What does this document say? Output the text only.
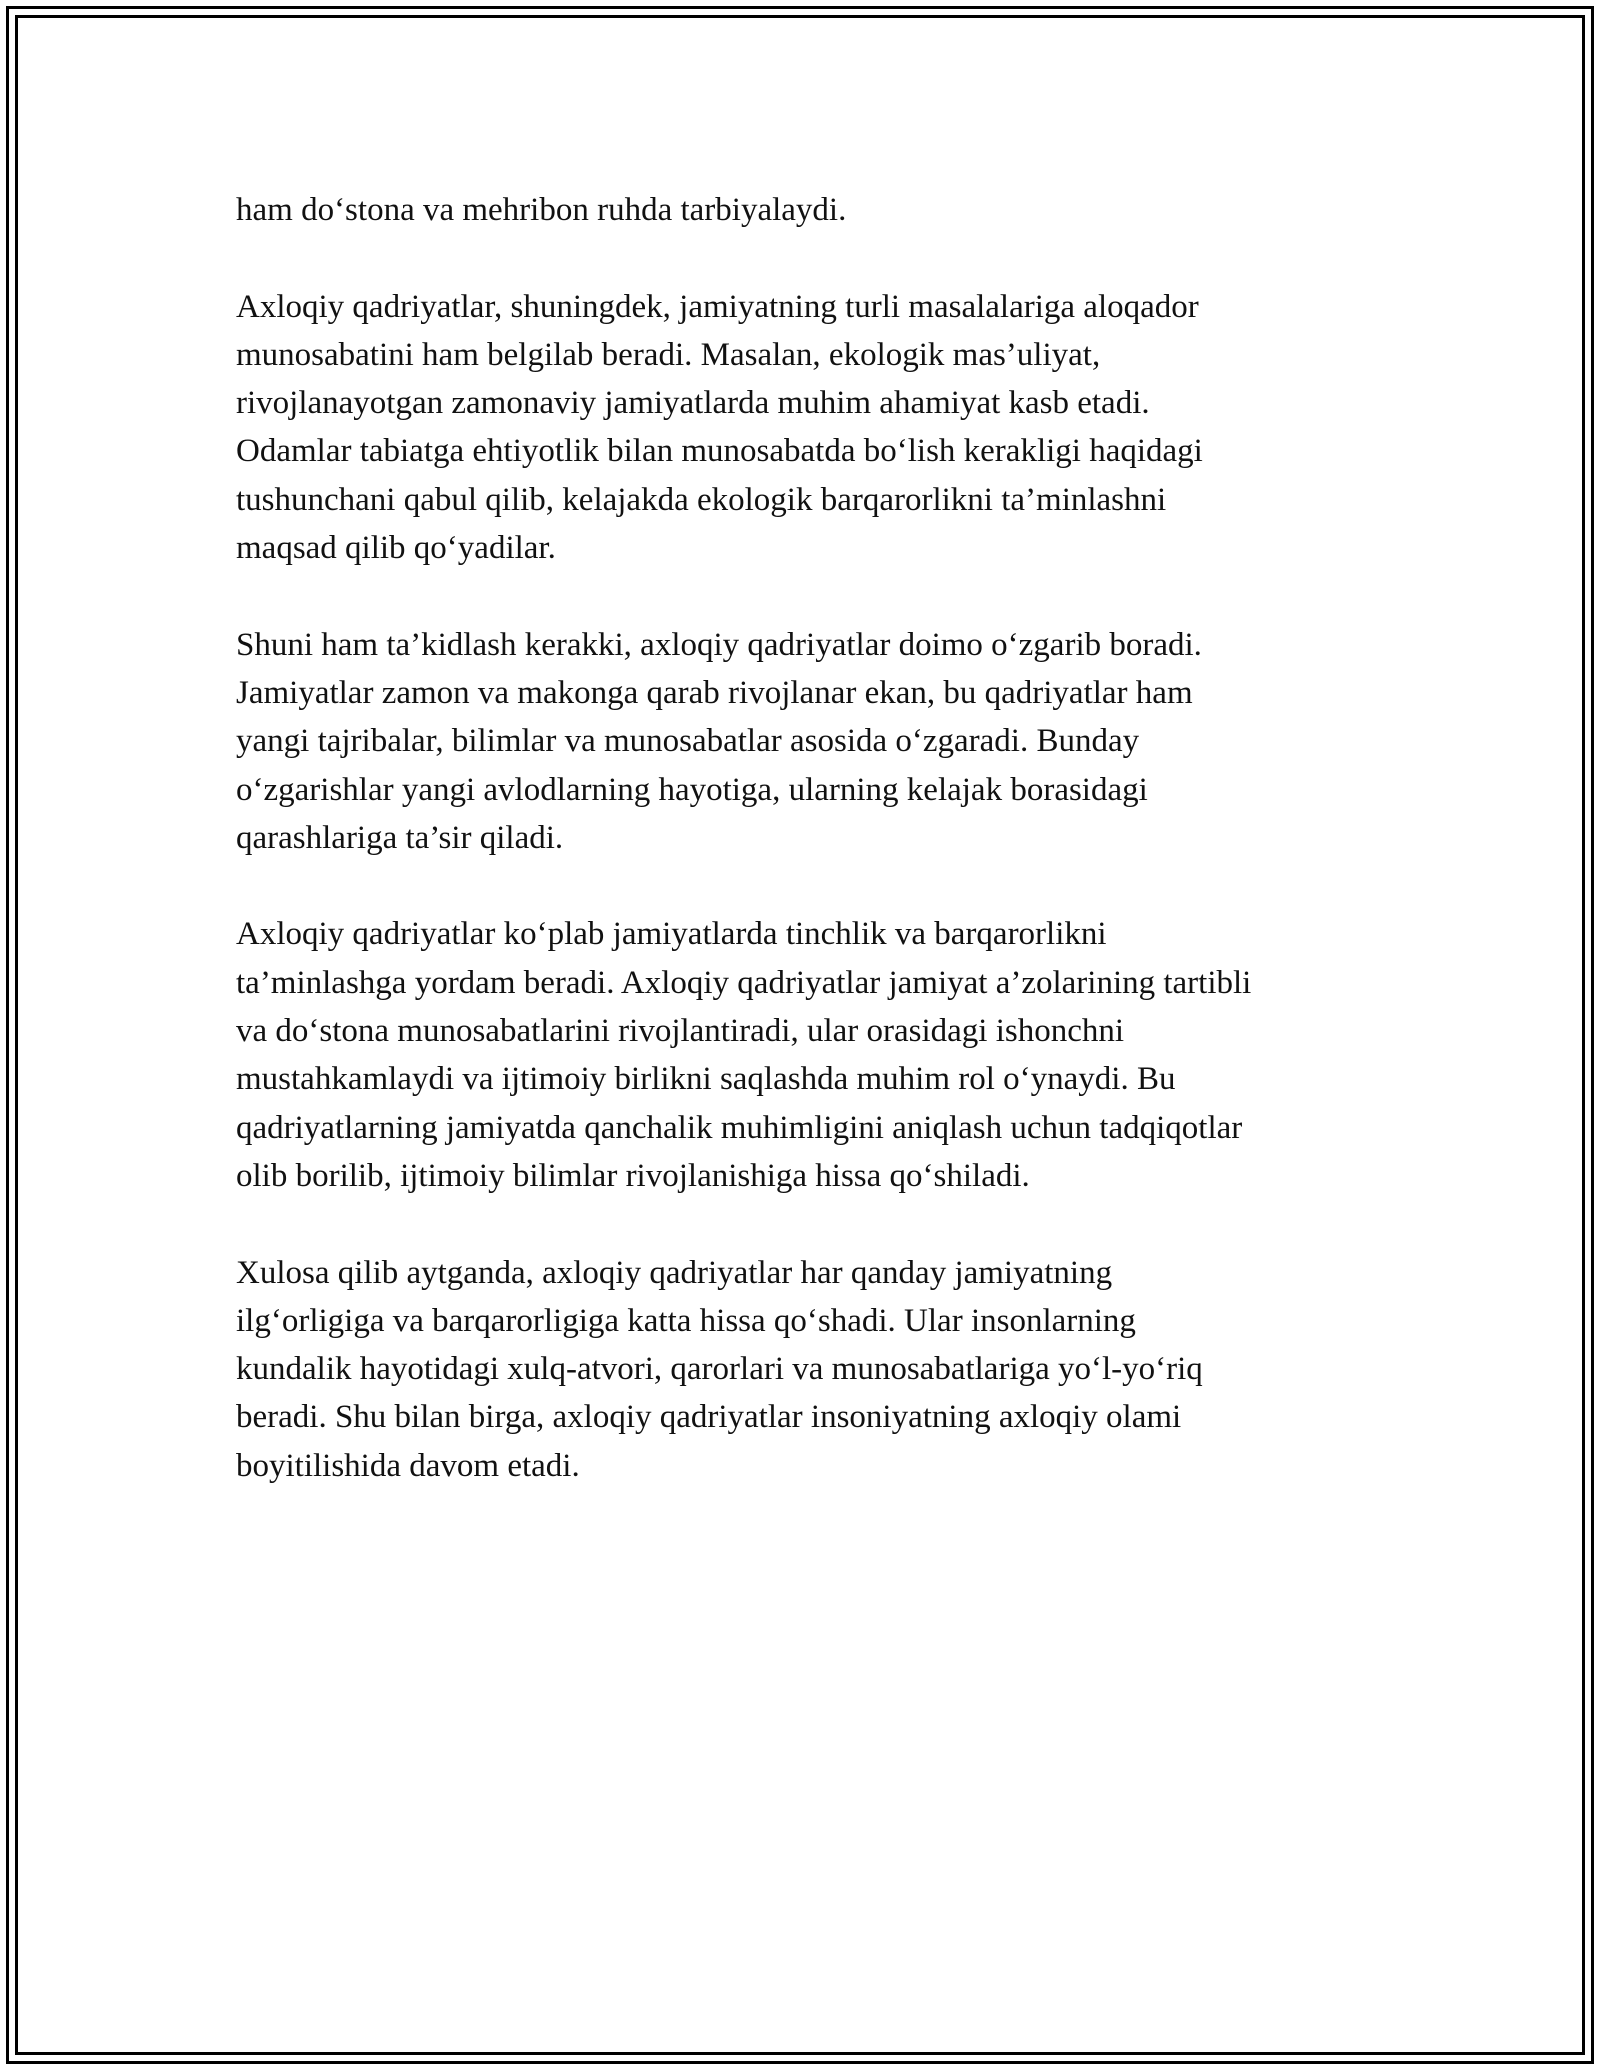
ham do‘stona va mehribon ruhda tarbiyalaydi.

Axloqiy qadriyatlar, shuningdek, jamiyatning turli masalalariga aloqador
munosabatini ham belgilab beradi. Masalan, ekologik mas’uliyat,
rivojlanayotgan zamonaviy jamiyatlarda muhim ahamiyat kasb etadi.
Odamlar tabiatga ehtiyotlik bilan munosabatda bo‘lish kerakligi haqidagi
tushunchani qabul qilib, kelajakda ekologik barqarorlikni ta’minlashni
maqsad qilib qo‘yadilar.

Shuni ham ta’kidlash kerakki, axloqiy qadriyatlar doimo o‘zgarib boradi.
Jamiyatlar zamon va makonga qarab rivojlanar ekan, bu qadriyatlar ham
yangi tajribalar, bilimlar va munosabatlar asosida o‘zgaradi. Bunday
o‘zgarishlar yangi avlodlarning hayotiga, ularning kelajak borasidagi
qarashlariga ta’sir qiladi.

Axloqiy qadriyatlar ko‘plab jamiyatlarda tinchlik va barqarorlikni
ta’minlashga yordam beradi. Axloqiy qadriyatlar jamiyat a’zolarining tartibli
va do‘stona munosabatlarini rivojlantiradi, ular orasidagi ishonchni
mustahkamlaydi va ijtimoiy birlikni saqlashda muhim rol o‘ynaydi. Bu
qadriyatlarning jamiyatda qanchalik muhimligini aniqlash uchun tadqiqotlar
olib borilib, ijtimoiy bilimlar rivojlanishiga hissa qo‘shiladi.

Xulosa qilib aytganda, axloqiy qadriyatlar har qanday jamiyatning
ilg‘orligiga va barqarorligiga katta hissa qo‘shadi. Ular insonlarning
kundalik hayotidagi xulq-atvori, qarorlari va munosabatlariga yo‘l-yo‘riq
beradi. Shu bilan birga, axloqiy qadriyatlar insoniyatning axloqiy olami
boyitilishida davom etadi.
